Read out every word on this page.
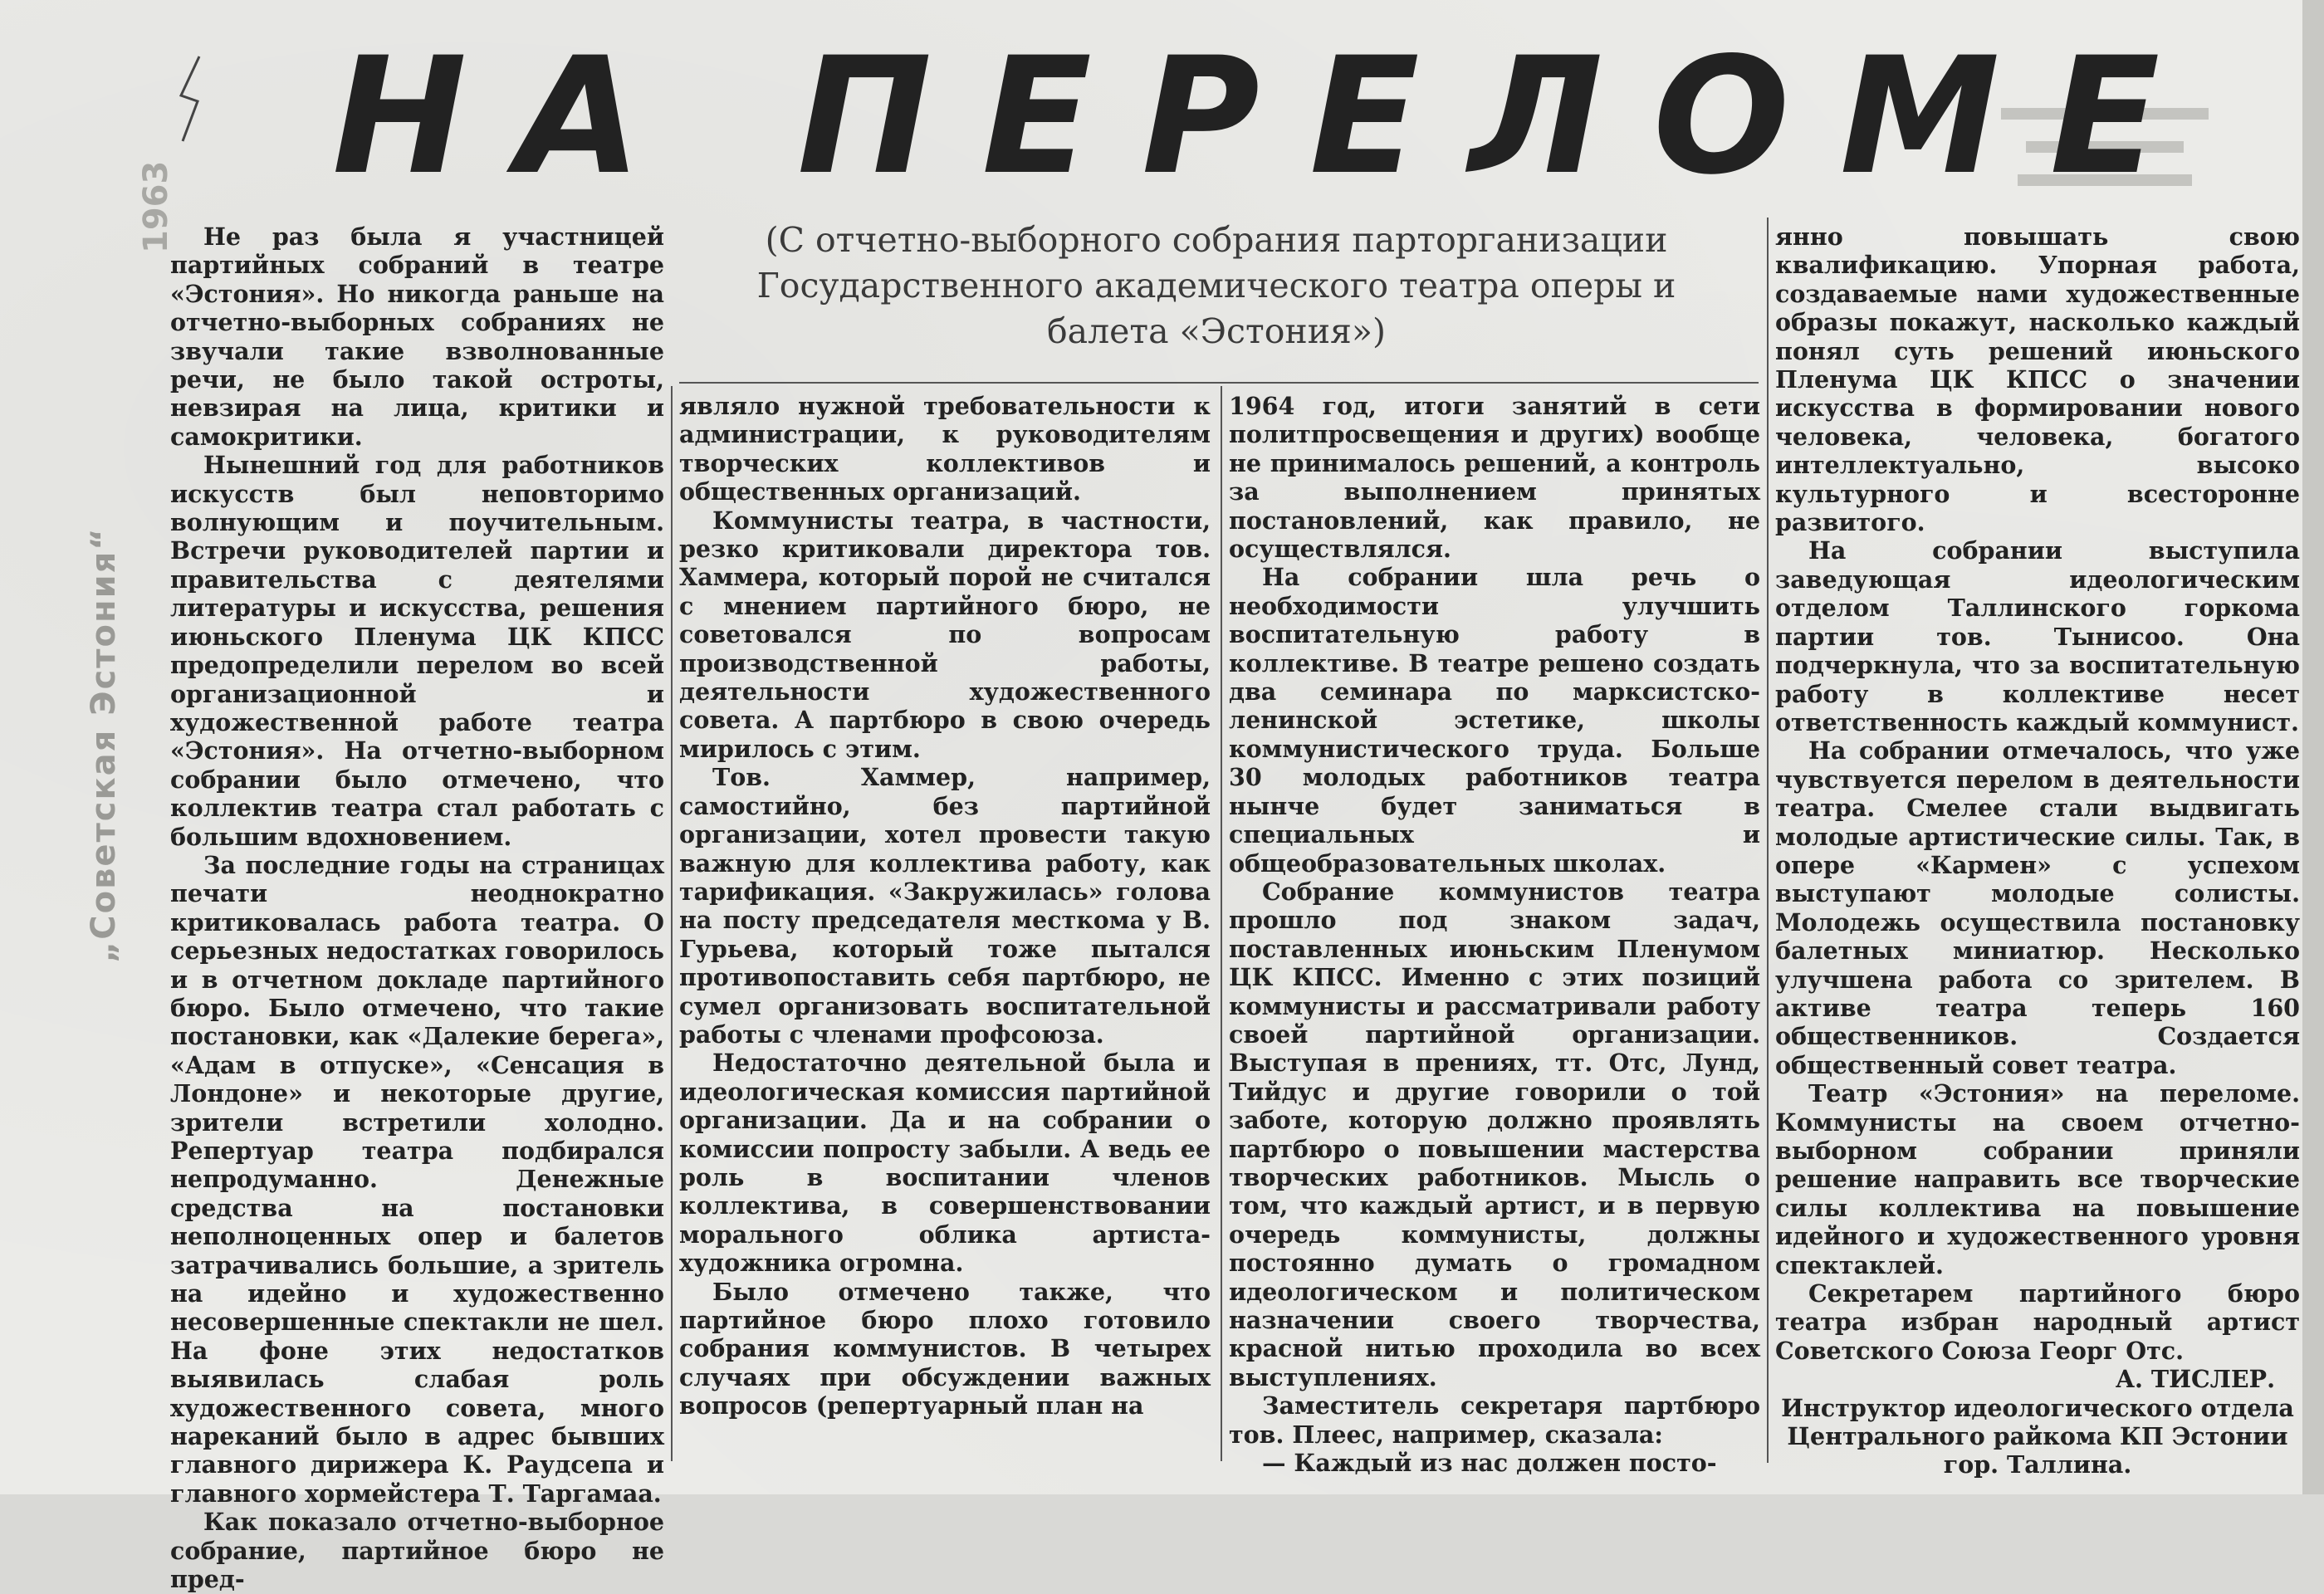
1963
„Советская Эстония“
НА ПЕРЕЛОМЕ
(С отчетно-выборного собрания парторганизации Государственного академического театра оперы и балета «Эстония»)

Не раз была я участницей партийных собраний в театре «Эстония». Но никогда раньше на отчетно-выборных собраниях не звучали такие взволнованные речи, не было такой остроты, невзирая на лица, критики и самокритики.

Нынешний год для работников искусств был неповторимо волнующим и поучительным. Встречи руководителей партии и правительства с деятелями литературы и искусства, решения июньского Пленума ЦК КПСС предопределили перелом во всей организационной и художественной работе театра «Эстония». На отчетно-выборном собрании было отмечено, что коллектив театра стал работать с большим вдохновением.

За последние годы на страницах печати неоднократно критиковалась работа театра. О серьезных недостатках говорилось и в отчетном докладе партийного бюро. Было отмечено, что такие постановки, как «Далекие берега», «Адам в отпуске», «Сенсация в Лондоне» и некоторые другие, зрители встретили холодно. Репертуар театра подбирался непродуманно. Денежные средства на постановки неполноценных опер и балетов затрачивались большие, а зритель на идейно и художественно несовершенные спектакли не шел. На фоне этих недостатков выявилась слабая роль художественного совета, много нареканий было в адрес бывших главного дирижера К. Раудсепа и главного хормейстера Т. Таргамаа.

Как показало отчетно-выборное собрание, партийное бюро не пред-

являло нужной требовательности к администрации, к руководителям творческих коллективов и общественных организаций.

Коммунисты театра, в частности, резко критиковали директора тов. Хаммера, который порой не считался с мнением партийного бюро, не советовался по вопросам производственной работы, деятельности художественного совета. А партбюро в свою очередь мирилось с этим.

Тов. Хаммер, например, самостийно, без партийной организации, хотел провести такую важную для коллектива работу, как тарификация. «Закружилась» голова на посту председателя месткома у В. Гурьева, который тоже пытался противопоставить себя партбюро, не сумел организовать воспитательной работы с членами профсоюза.

Недостаточно деятельной была и идеологическая комиссия партийной организации. Да и на собрании о комиссии попросту забыли. А ведь ее роль в воспитании членов коллектива, в совершенствовании морального облика артиста-художника огромна.

Было отмечено также, что партийное бюро плохо готовило собрания коммунистов. В четырех случаях при обсуждении важных вопросов (репертуарный план на

1964 год, итоги занятий в сети политпросвещения и других) вообще не принималось решений, а контроль за выполнением принятых постановлений, как правило, не осуществлялся.

На собрании шла речь о необходимости улучшить воспитательную работу в коллективе. В театре решено создать два семинара по марксистско-ленинской эстетике, школы коммунистического труда. Больше 30 молодых работников театра нынче будет заниматься в специальных и общеобразовательных школах.

Собрание коммунистов театра прошло под знаком задач, поставленных июньским Пленумом ЦК КПСС. Именно с этих позиций коммунисты и рассматривали работу своей партийной организации. Выступая в прениях, тт. Отс, Лунд, Тийдус и другие говорили о той заботе, которую должно проявлять партбюро о повышении мастерства творческих работников. Мысль о том, что каждый артист, и в первую очередь коммунисты, должны постоянно думать о громадном идеологическом и политическом назначении своего творчества, красной нитью проходила во всех выступлениях.

Заместитель секретаря партбюро тов. Плеес, например, сказала:

— Каждый из нас должен посто-

янно повышать свою квалификацию. Упорная работа, создаваемые нами художественные образы покажут, насколько каждый понял суть решений июньского Пленума ЦК КПСС о значении искусства в формировании нового человека, человека, богатого интеллектуально, высоко культурного и всесторонне развитого.

На собрании выступила заведующая идеологическим отделом Таллинского горкома партии тов. Тынисоо. Она подчеркнула, что за воспитательную работу в коллективе несет ответственность каждый коммунист.

На собрании отмечалось, что уже чувствуется перелом в деятельности театра. Смелее стали выдвигать молодые артистические силы. Так, в опере «Кармен» с успехом выступают молодые солисты. Молодежь осуществила постановку балетных миниатюр. Несколько улучшена работа со зрителем. В активе театра теперь 160 общественников. Создается общественный совет театра.

Театр «Эстония» на переломе. Коммунисты на своем отчетно-выборном собрании приняли решение направить все творческие силы коллектива на повышение идейного и художественного уровня спектаклей.

Секретарем партийного бюро театра избран народный артист Советского Союза Георг Отс.

А. ТИСЛЕР.

Инструктор идеологического отдела Центрального райкома КП Эстонии гор. Таллина.
